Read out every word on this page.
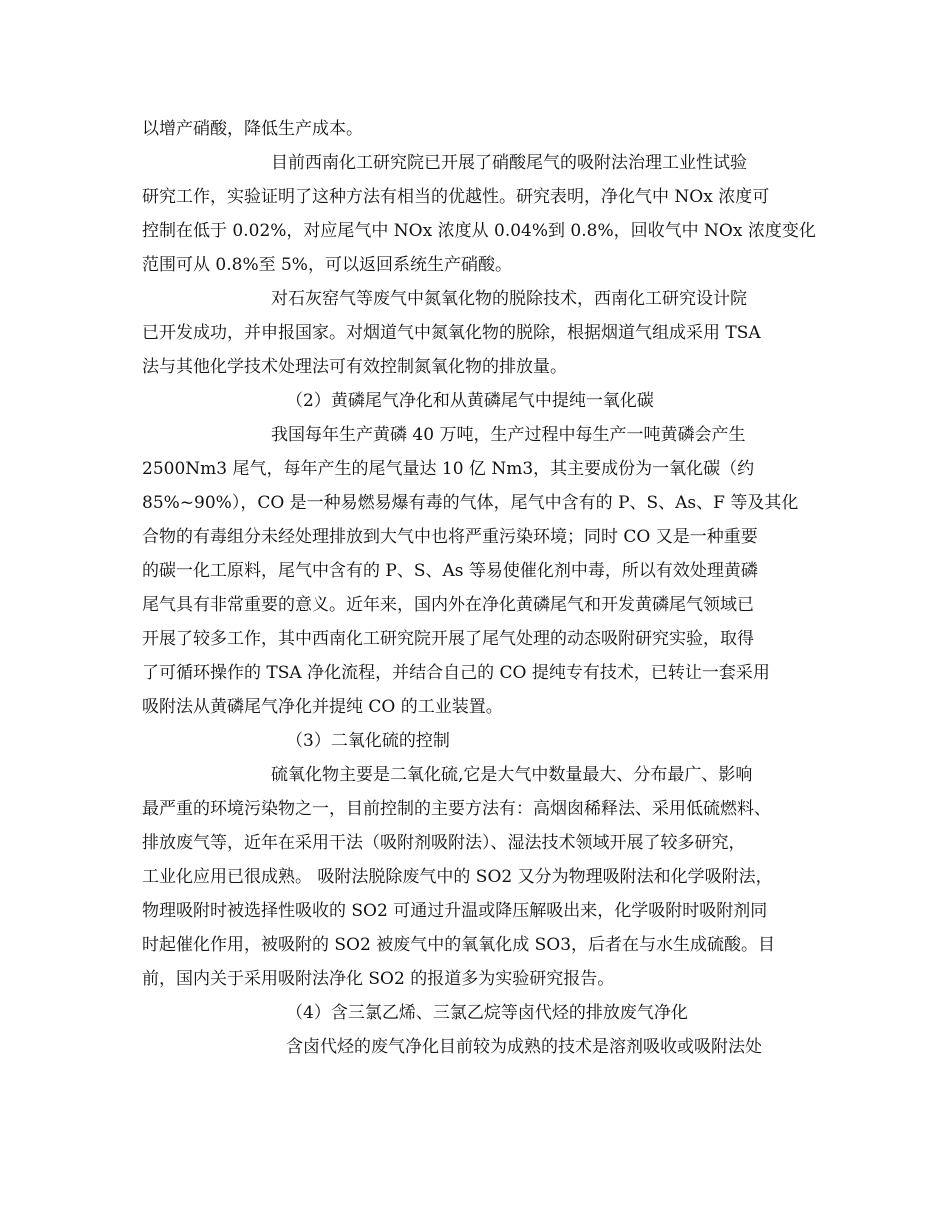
以增产硝酸，降低生产成本。
目前西南化工研究院已开展了硝酸尾气的吸附法治理工业性试验
研究工作，实验证明了这种方法有相当的优越性。研究表明，净化气中 NOx 浓度可
控制在低于 0.02%，对应尾气中 NOx 浓度从 0.04%到 0.8%，回收气中 NOx 浓度变化
范围可从 0.8%至 5%，可以返回系统生产硝酸。
对石灰窑气等废气中氮氧化物的脱除技术，西南化工研究设计院
已开发成功，并申报国家。对烟道气中氮氧化物的脱除，根据烟道气组成采用 TSA
法与其他化学技术处理法可有效控制氮氧化物的排放量。
（2）黄磷尾气净化和从黄磷尾气中提纯一氧化碳
我国每年生产黄磷 40 万吨，生产过程中每生产一吨黄磷会产生
2500Nm3 尾气，每年产生的尾气量达 10 亿 Nm3，其主要成份为一氧化碳（约
85%~90%），CO 是一种易燃易爆有毒的气体，尾气中含有的 P、S、As、F 等及其化
合物的有毒组分未经处理排放到大气中也将严重污染环境；同时 CO 又是一种重要
的碳一化工原料，尾气中含有的 P、S、As 等易使催化剂中毒，所以有效处理黄磷
尾气具有非常重要的意义。近年来，国内外在净化黄磷尾气和开发黄磷尾气领域已
开展了较多工作，其中西南化工研究院开展了尾气处理的动态吸附研究实验，取得
了可循环操作的 TSA 净化流程，并结合自己的 CO 提纯专有技术，已转让一套采用
吸附法从黄磷尾气净化并提纯 CO 的工业装置。
（3）二氧化硫的控制
硫氧化物主要是二氧化硫,它是大气中数量最大、分布最广、影响
最严重的环境污染物之一，目前控制的主要方法有：高烟囱稀释法、采用低硫燃料、
排放废气等，近年在采用干法（吸附剂吸附法）、湿法技术领域开展了较多研究，
工业化应用已很成熟。 吸附法脱除废气中的 SO2 又分为物理吸附法和化学吸附法，
物理吸附时被选择性吸收的 SO2 可通过升温或降压解吸出来，化学吸附时吸附剂同
时起催化作用，被吸附的 SO2 被废气中的氧氧化成 SO3，后者在与水生成硫酸。目
前，国内关于采用吸附法净化 SO2 的报道多为实验研究报告。
（4）含三氯乙烯、三氯乙烷等卤代烃的排放废气净化
含卤代烃的废气净化目前较为成熟的技术是溶剂吸收或吸附法处
